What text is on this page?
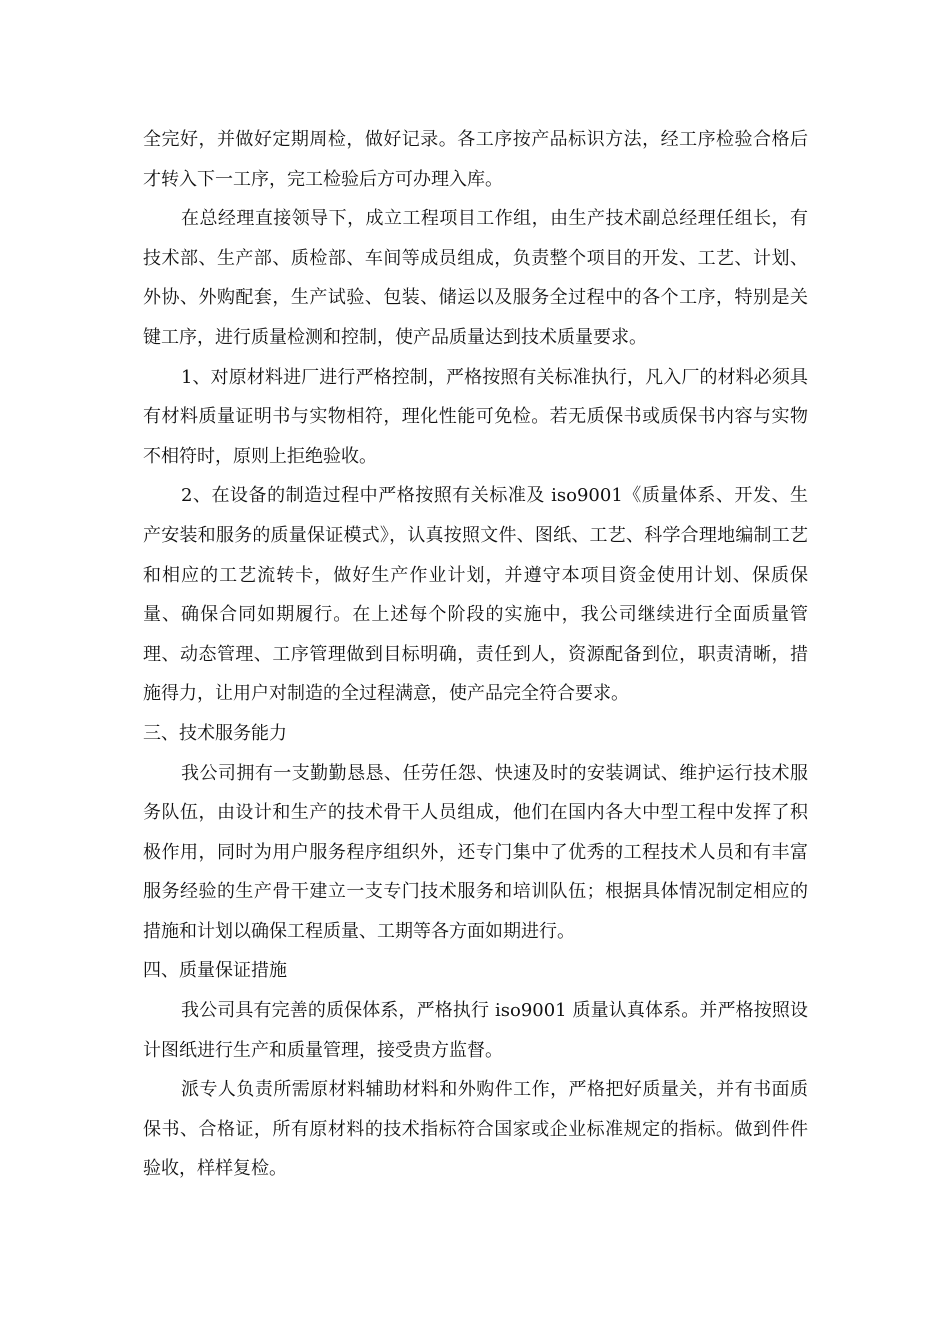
全完好，并做好定期周检，做好记录。各工序按产品标识方法，经工序检验合格后才转入下一工序，完工检验后方可办理入库。

在总经理直接领导下，成立工程项目工作组，由生产技术副总经理任组长，有技术部、生产部、质检部、车间等成员组成，负责整个项目的开发、工艺、计划、外协、外购配套，生产试验、包装、储运以及服务全过程中的各个工序，特别是关键工序，进行质量检测和控制，使产品质量达到技术质量要求。

1、对原材料进厂进行严格控制，严格按照有关标准执行，凡入厂的材料必须具有材料质量证明书与实物相符，理化性能可免检。若无质保书或质保书内容与实物不相符时，原则上拒绝验收。

2、在设备的制造过程中严格按照有关标准及 iso9001《质量体系、开发、生产安装和服务的质量保证模式》，认真按照文件、图纸、工艺、科学合理地编制工艺和相应的工艺流转卡，做好生产作业计划，并遵守本项目资金使用计划、保质保量、确保合同如期履行。在上述每个阶段的实施中，我公司继续进行全面质量管理、动态管理、工序管理做到目标明确，责任到人，资源配备到位，职责清晰，措施得力，让用户对制造的全过程满意，使产品完全符合要求。

三、技术服务能力

我公司拥有一支勤勤恳恳、任劳任怨、快速及时的安装调试、维护运行技术服务队伍，由设计和生产的技术骨干人员组成，他们在国内各大中型工程中发挥了积极作用，同时为用户服务程序组织外，还专门集中了优秀的工程技术人员和有丰富服务经验的生产骨干建立一支专门技术服务和培训队伍；根据具体情况制定相应的措施和计划以确保工程质量、工期等各方面如期进行。

四、质量保证措施

我公司具有完善的质保体系，严格执行 iso9001 质量认真体系。并严格按照设计图纸进行生产和质量管理，接受贵方监督。

派专人负责所需原材料辅助材料和外购件工作，严格把好质量关，并有书面质保书、合格证，所有原材料的技术指标符合国家或企业标准规定的指标。做到件件验收，样样复检。
